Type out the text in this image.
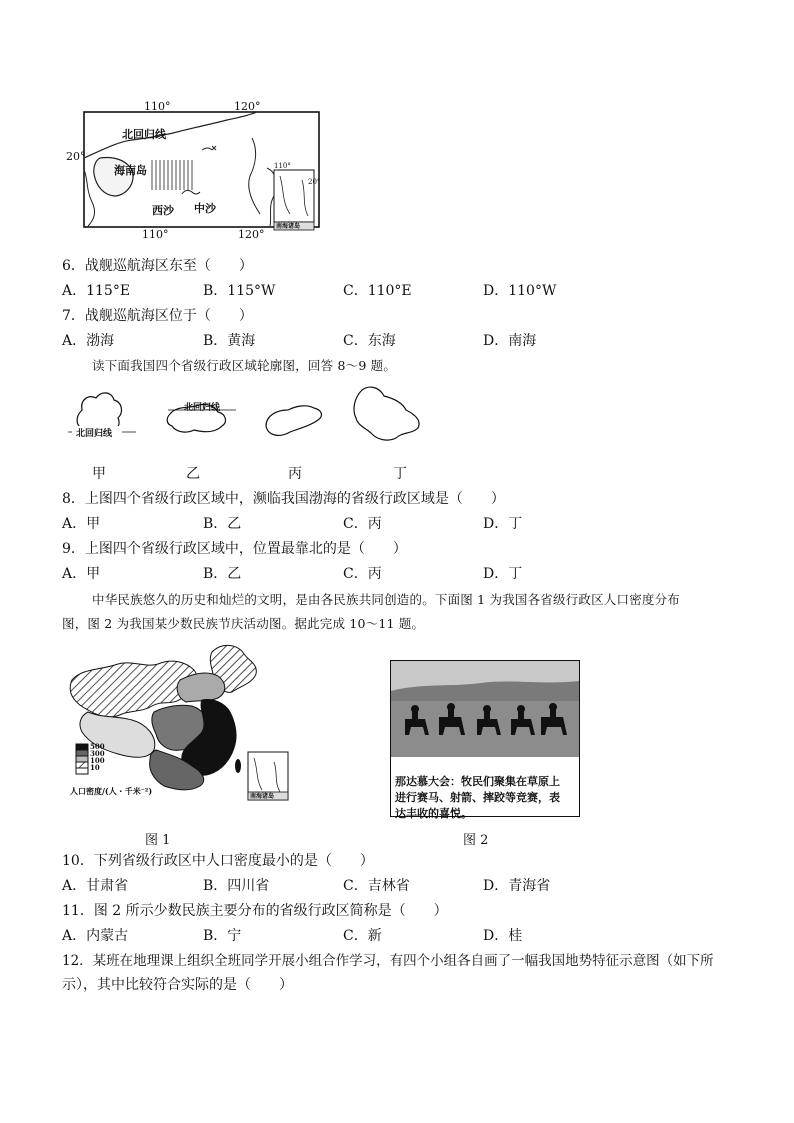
110°	120°
20°
110°
20°
北回归线
海南岛
西沙 中沙
南海诸岛
110°	120°
6．战舰巡航海区东至（　　）
A．115°E	B．115°W	C．110°E	D．110°W
7．战舰巡航海区位于（　　）
A．渤海	B．黄海	C．东海	D．南海
读下面我国四个省级行政区域轮廓图，回答 8～9 题。
北回归线
北回归线
甲	乙	丙	丁
8．上图四个省级行政区域中，濒临我国渤海的省级行政区域是（　　）
A．甲	B．乙	C．丙	D．丁
9．上图四个省级行政区域中，位置最靠北的是（　　）
A．甲	B．乙	C．丙	D．丁
中华民族悠久的历史和灿烂的文明，是由各民族共同创造的。下面图 1 为我国各省级行政区人口密度分布
图，图 2 为我国某少数民族节庆活动图。据此完成 10～11 题。
500
300
100
10
人口密度/(人・千米⁻²)
南海诸岛
图 1
那达慕大会：牧民们聚集在草原上
进行赛马、射箭、摔跤等竞赛，表
达丰收的喜悦。
图 2
10．下列省级行政区中人口密度最小的是（　　）
A．甘肃省	B．四川省	C．吉林省	D．青海省
11．图 2 所示少数民族主要分布的省级行政区简称是（　　）
A．内蒙古	B．宁	C．新	D．桂
12．某班在地理课上组织全班同学开展小组合作学习，有四个小组各自画了一幅我国地势特征示意图（如下所
示），其中比较符合实际的是（　　）
